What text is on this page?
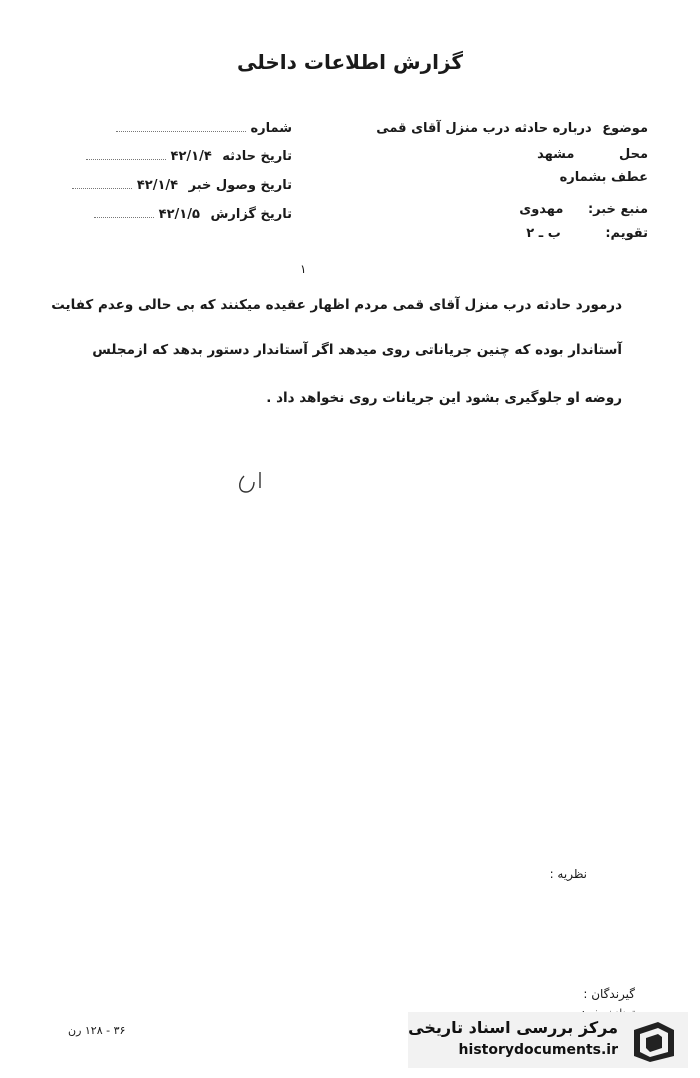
گزارش اطلاعات داخلی
شماره
تاریخ حادثه ۴۲/۱/۴
تاریخ وصول خبر ۴۲/۱/۴
تاریخ گزارش ۴۲/۱/۵
موضوع درباره حادثه درب منزل آقای قمی
محل مشهد
عطف بشماره
منبع خبر: مهدوی
تقویم: ب ـ ۲
۱
درمورد حادثه درب منزل آقای قمی مردم اظهار عقیده میکنند که بی حالی وعدم کفایت
آستاندار بوده که چنین جریاناتی روی میدهد اگر آستاندار دستور بدهد که ازمجلس
روضه او جلوگیری بشود این جریانات روی نخواهد داد .
نظریه :
گیرندگان :
۳۶ - ۱۲۸ رن	مرکز بررسی اسناد تاریخی
historydocuments.ir
